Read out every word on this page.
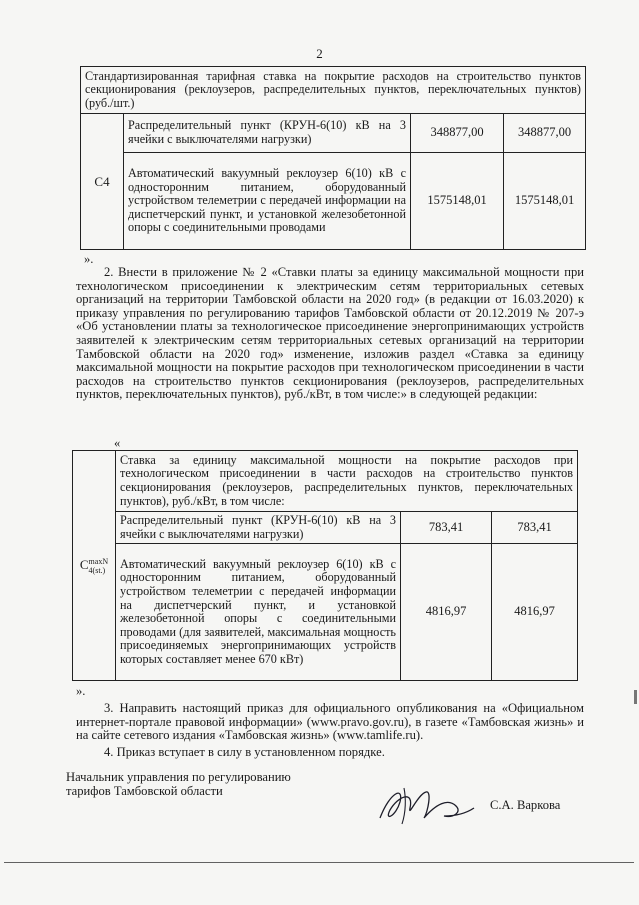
2
Стандартизированная тарифная ставка на покрытие расходов на строительство пунктов секционирования (реклоузеров, распределительных пунктов, переключательных пунктов) (руб./шт.)			
С4	Распределительный пункт (КРУН-6(10) кВ на 3 ячейки с выключателями нагрузки)	348877,00	348877,00
	Автоматический вакуумный реклоузер 6(10) кВ с односторонним питанием, оборудованный устройством телеметрии с передачей информации на диспетчерский пункт, и установкой железобетонной опоры с соединительными проводами	1575148,01	1575148,01
».

2. Внести в приложение № 2 «Ставки платы за единицу максимальной мощности при технологическом присоединении к электрическим сетям территориальных сетевых организаций на территории Тамбовской области на 2020 год» (в редакции от 16.03.2020) к приказу управления по регулированию тарифов Тамбовской области от 20.12.2019 № 207-э «Об установлении платы за технологическое присоединение энергопринимающих устройств заявителей к электрическим сетям территориальных сетевых организаций на территории Тамбовской области на 2020 год» изменение, изложив раздел «Ставка за единицу максимальной мощности на покрытие расходов при технологическом присоединении в части расходов на строительство пунктов секционирования (реклоузеров, распределительных пунктов, переключательных пунктов), руб./кВт, в том числе:» в следующей редакции:

«
CmaxN
4(st.)	Ставка за единицу максимальной мощности на покрытие расходов при технологическом присоединении в части расходов на строительство пунктов секционирования (реклоузеров, распределительных пунктов, переключательных пунктов), руб./кВт, в том числе:		
	Распределительный пункт (КРУН-6(10) кВ на 3 ячейки с выключателями нагрузки)	783,41	783,41
	Автоматический вакуумный реклоузер 6(10) кВ с односторонним питанием, оборудованный устройством телеметрии с передачей информации на диспетчерский пункт, и установкой железобетонной опоры с соединительными проводами (для заявителей, максимальная мощность присоединяемых энергопринимающих устройств которых составляет менее 670 кВт)	4816,97	4816,97
».

3. Направить настоящий приказ для официального опубликования на «Официальном интернет-портале правовой информации» (www.pravo.gov.ru), в газете «Тамбовская жизнь» и на сайте сетевого издания «Тамбовская жизнь» (www.tamlife.ru).

4. Приказ вступает в силу в установленном порядке.

Начальник управления по регулированию
тарифов Тамбовской области
С.А. Варкова
